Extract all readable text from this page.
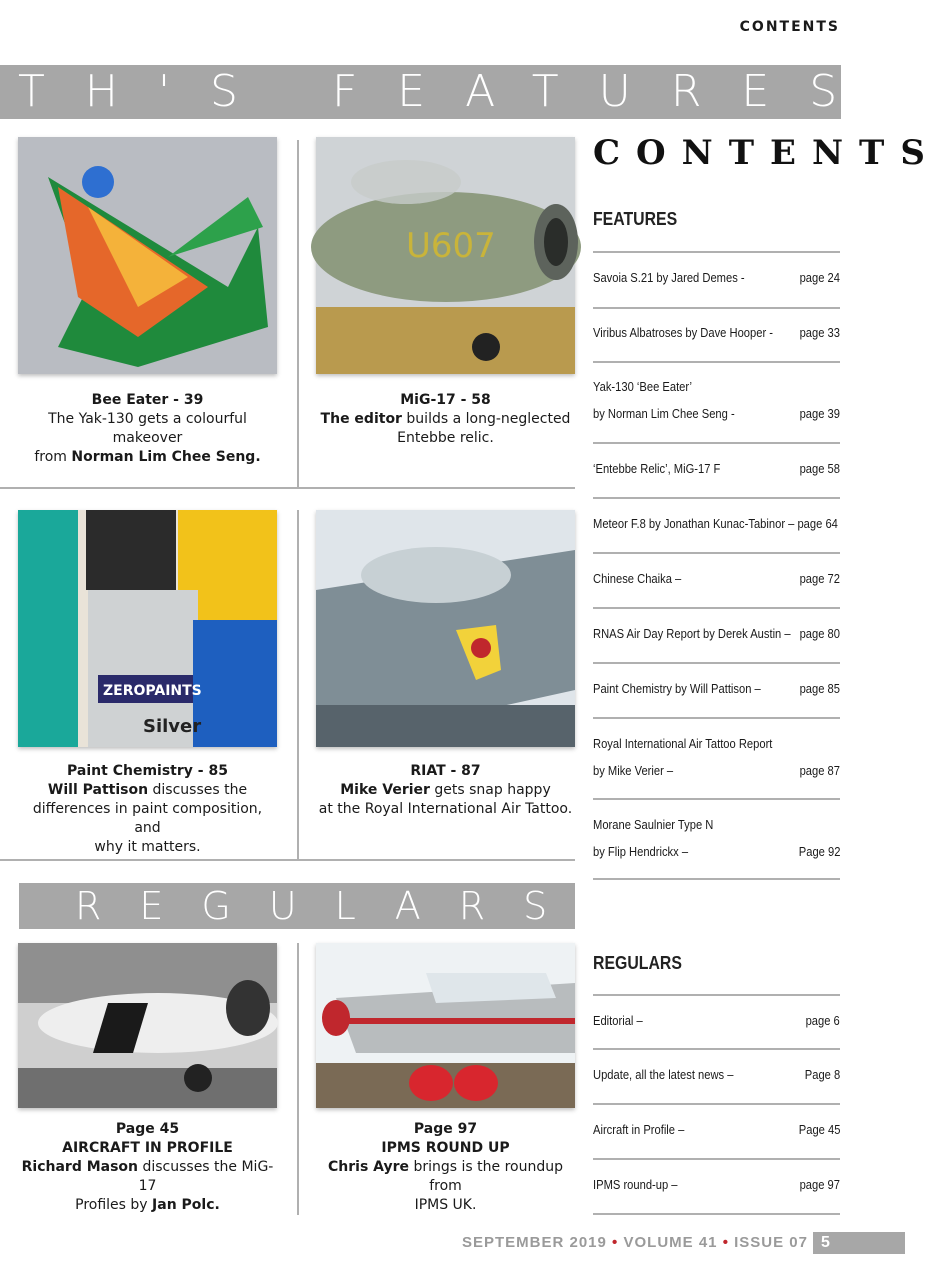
CONTENTS
TH'S FEATURES
U607
ZEROPAINTS
Silver
Bee Eater - 39
The Yak-130 gets a colourful makeover
from Norman Lim Chee Seng.
MiG-17 - 58
The editor builds a long-neglected
Entebbe relic.
Paint Chemistry - 85
Will Pattison discusses the
differences in paint composition, and
why it matters.
RIAT - 87
Mike Verier gets snap happy
at the Royal International Air Tattoo.
REGULARS
Page 45
AIRCRAFT IN PROFILE
Richard Mason discusses the MiG-17
Profiles by Jan Polc.
Page 97
IPMS ROUND UP
Chris Ayre brings is the roundup from
IPMS UK.
CONTENTS
FEATURES
Savoia S.21 by Jared Demes -	page 24
Viribus Albatroses by Dave Hooper - page 33
Yak-130 ‘Bee Eater’
by Norman Lim Chee Seng -	page 39
‘Entebbe Relic’, MiG-17 F	page 58
Meteor F.8 by Jonathan Kunac-Tabinor – page 64
Chinese Chaika –	page 72
RNAS Air Day Report by Derek Austin – page 80
Paint Chemistry by Will Pattison –	page 85
Royal International Air Tattoo Report
by Mike Verier –	page 87
Morane Saulnier Type N
by Flip Hendrickx –	Page 92
REGULARS
Editorial –	page 6
Update, all the latest news –	Page 8
Aircraft in Profile –	Page 45
IPMS round-up –	page 97
SEPTEMBER 2019 • VOLUME 41 • ISSUE 07 5
